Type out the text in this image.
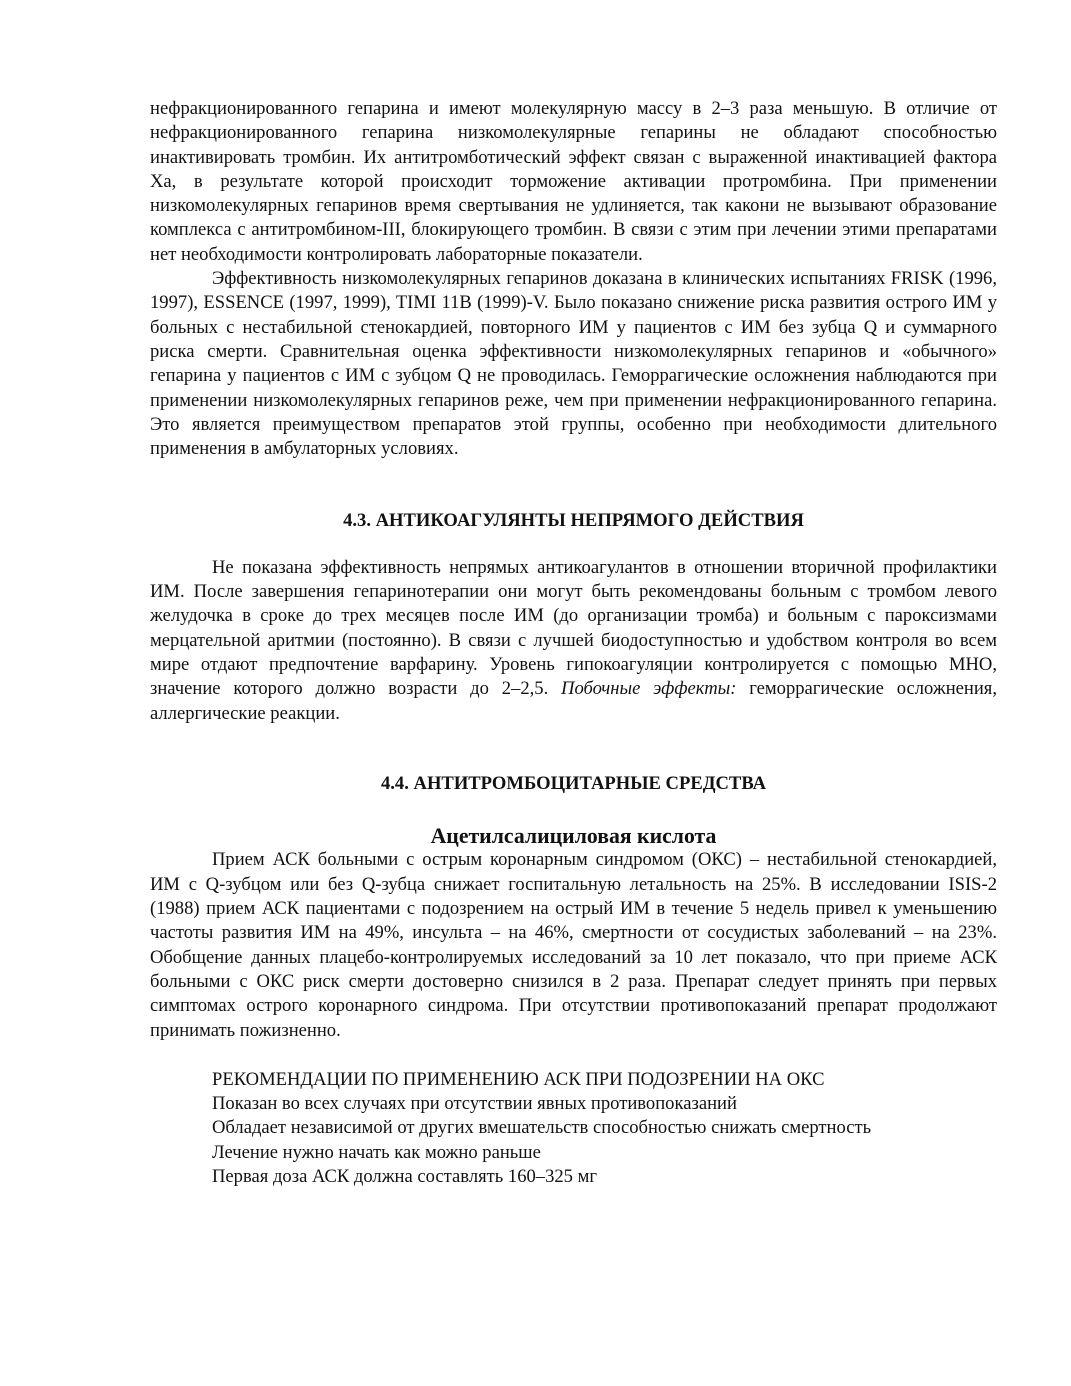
нефракционированного гепарина и имеют молекулярную массу в 2–3 раза меньшую. В отличие от нефракционированного гепарина низкомолекулярные гепарины не обладают способностью инактивировать тромбин. Их антитромботический эффект связан с выраженной инактивацией фактора Ха, в результате которой происходит торможение активации протромбина. При применении низкомолекулярных гепаринов время свертывания не удлиняется, так какони не вызывают образование комплекса с антитромбином-III, блокирующего тромбин. В связи с этим при лечении этими препаратами нет необходимости контролировать лабораторные показатели.

Эффективность низкомолекулярных гепаринов доказана в клинических испытаниях FRISK (1996, 1997), ESSENCE (1997, 1999), TIMI 11B (1999)-V. Было показано снижение риска развития острого ИМ у больных с нестабильной стенокардией, повторного ИМ у пациентов с ИМ без зубца Q и суммарного риска смерти. Сравнительная оценка эффективности низкомолекулярных гепаринов и «обычного» гепарина у пациентов с ИМ с зубцом Q не проводилась. Геморрагические осложнения наблюдаются при применении низкомолекулярных гепаринов реже, чем при применении нефракционированного гепарина. Это является преимуществом препаратов этой группы, особенно при необходимости длительного применения в амбулаторных условиях.

4.3. АНТИКОАГУЛЯНТЫ НЕПРЯМОГО ДЕЙСТВИЯ

Не показана эффективность непрямых антикоагулантов в отношении вторичной профилактики ИМ. После завершения гепаринотерапии они могут быть рекомендованы больным с тромбом левого желудочка в сроке до трех месяцев после ИМ (до организации тромба) и больным с пароксизмами мерцательной аритмии (постоянно). В связи с лучшей биодоступностью и удобством контроля во всем мире отдают предпочтение варфарину. Уровень гипокоагуляции контролируется с помощью МНО, значение которого должно возрасти до 2–2,5. Побочные эффекты: геморрагические осложнения, аллергические реакции.

4.4. АНТИТРОМБОЦИТАРНЫЕ СРЕДСТВА
Ацетилсалициловая кислота

Прием АСК больными с острым коронарным синдромом (ОКС) – нестабильной стенокардией, ИМ с Q-зубцом или без Q-зубца снижает госпитальную летальность на 25%. В исследовании ISIS-2 (1988) прием АСК пациентами с подозрением на острый ИМ в течение 5 недель привел к уменьшению частоты развития ИМ на 49%, инсульта – на 46%, смертности от сосудистых заболеваний – на 23%. Обобщение данных плацебо-контролируемых исследований за 10 лет показало, что при приеме АСК больными с ОКС риск смерти достоверно снизился в 2 раза. Препарат следует принять при первых симптомах острого коронарного синдрома. При отсутствии противопоказаний препарат продолжают принимать пожизненно.

РЕКОМЕНДАЦИИ ПО ПРИМЕНЕНИЮ АСК ПРИ ПОДОЗРЕНИИ НА ОКС
Показан во всех случаях при отсутствии явных противопоказаний
Обладает независимой от других вмешательств способностью снижать смертность
Лечение нужно начать как можно раньше
Первая доза АСК должна составлять 160–325 мг
